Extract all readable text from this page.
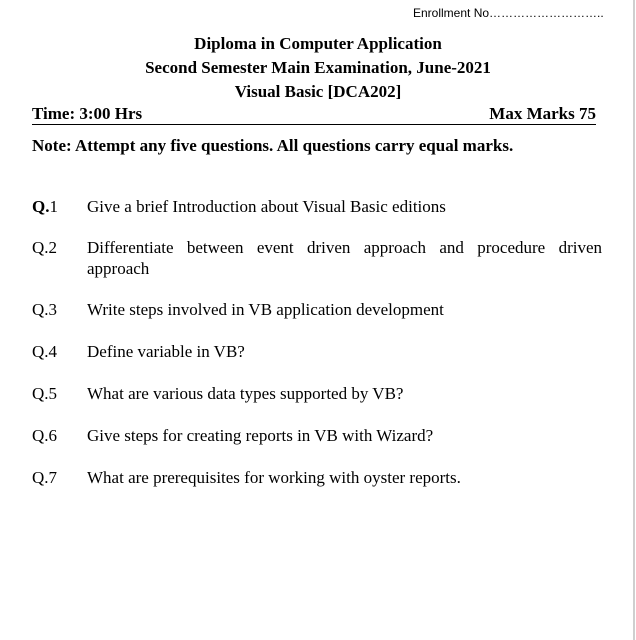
Enrollment No………………………..
Diploma in Computer Application
Second Semester Main Examination, June-2021
Visual Basic [DCA202]
Time: 3:00 Hrs	Max Marks 75
Note: Attempt any five questions. All questions carry equal marks.
Q.1	Give a brief Introduction about Visual Basic editions
Q.2	Differentiate between event driven approach and procedure driven approach
Q.3	Write steps involved in VB application development
Q.4	Define variable in VB?
Q.5	What are various data types supported by VB?
Q.6	Give steps for creating reports in VB with Wizard?
Q.7	What are prerequisites for working with oyster reports.
